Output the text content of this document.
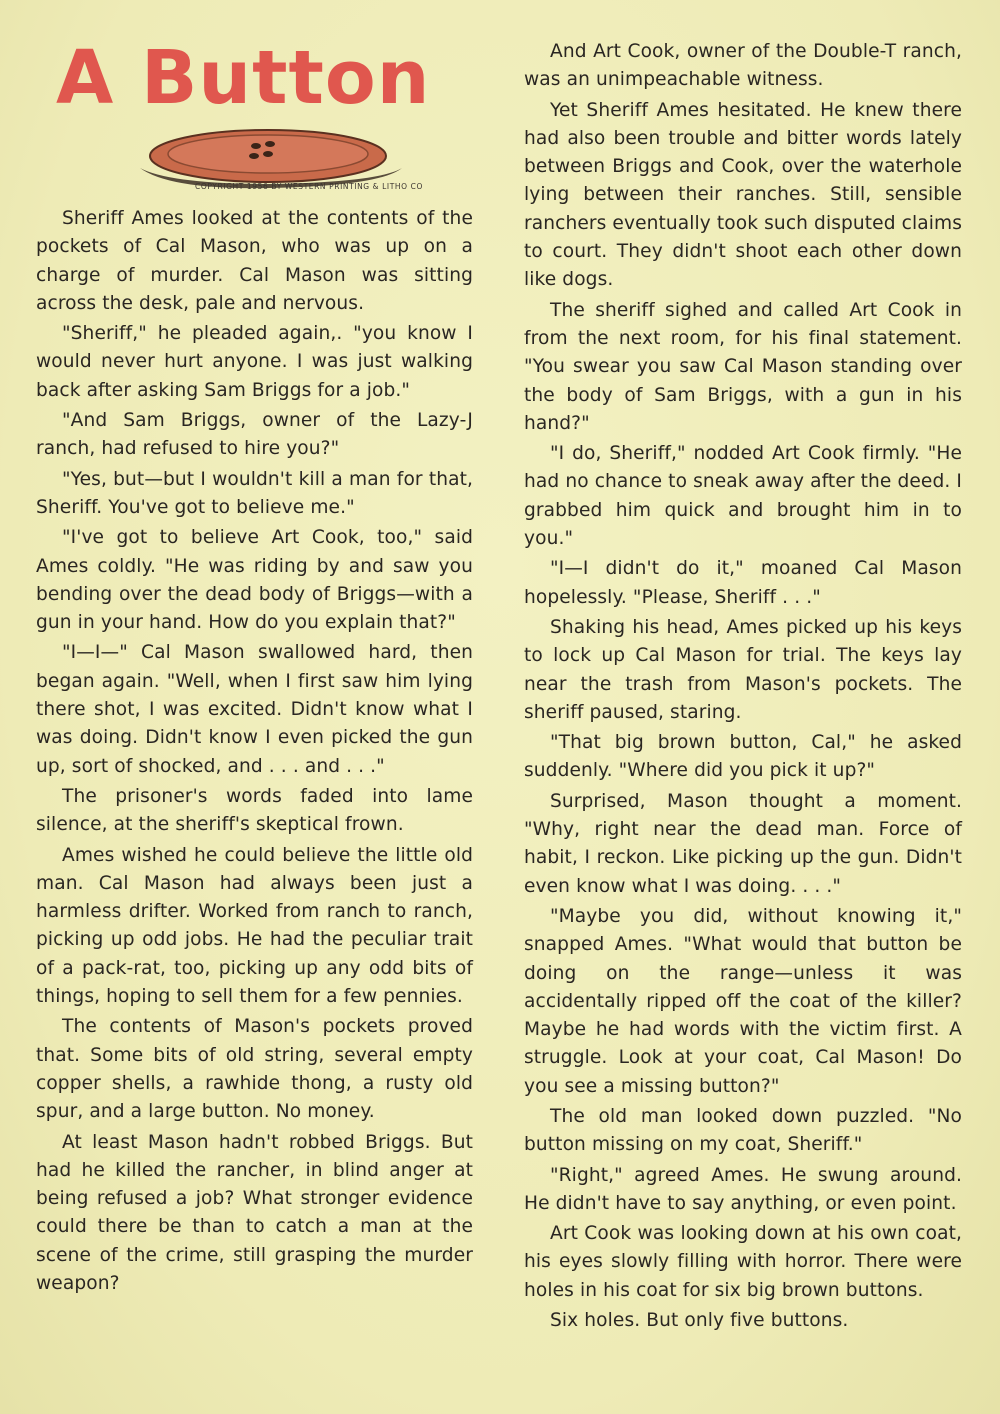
A Button
COPYRIGHT 1956 BY WESTERN PRINTING & LITHO CO

Sheriff Ames looked at the contents of the pockets of Cal Mason, who was up on a charge of murder. Cal Mason was sitting across the desk, pale and nervous.

"Sheriff," he pleaded again,. "you know I would never hurt anyone. I was just walking back after asking Sam Briggs for a job."

"And Sam Briggs, owner of the Lazy-J ranch, had refused to hire you?"

"Yes, but—but I wouldn't kill a man for that, Sheriff. You've got to believe me."

"I've got to believe Art Cook, too," said Ames coldly. "He was riding by and saw you bending over the dead body of Briggs—with a gun in your hand. How do you explain that?"

"I—I—" Cal Mason swallowed hard, then began again. "Well, when I first saw him lying there shot, I was excited. Didn't know what I was doing. Didn't know I even picked the gun up, sort of shocked, and . . . and . . ."

The prisoner's words faded into lame silence, at the sheriff's skeptical frown.

Ames wished he could believe the little old man. Cal Mason had always been just a harmless drifter. Worked from ranch to ranch, picking up odd jobs. He had the peculiar trait of a pack-rat, too, picking up any odd bits of things, hoping to sell them for a few pennies.

The contents of Mason's pockets proved that. Some bits of old string, several empty copper shells, a rawhide thong, a rusty old spur, and a large button. No money.

At least Mason hadn't robbed Briggs. But had he killed the rancher, in blind anger at being refused a job? What stronger evidence could there be than to catch a man at the scene of the crime, still grasping the murder weapon?

And Art Cook, owner of the Double-T ranch, was an unimpeachable witness.

Yet Sheriff Ames hesitated. He knew there had also been trouble and bitter words lately between Briggs and Cook, over the waterhole lying between their ranches. Still, sensible ranchers eventually took such disputed claims to court. They didn't shoot each other down like dogs.

The sheriff sighed and called Art Cook in from the next room, for his final statement. "You swear you saw Cal Mason standing over the body of Sam Briggs, with a gun in his hand?"

"I do, Sheriff," nodded Art Cook firmly. "He had no chance to sneak away after the deed. I grabbed him quick and brought him in to you."

"I—I didn't do it," moaned Cal Mason hopelessly. "Please, Sheriff . . ."

Shaking his head, Ames picked up his keys to lock up Cal Mason for trial. The keys lay near the trash from Mason's pockets. The sheriff paused, staring.

"That big brown button, Cal," he asked suddenly. "Where did you pick it up?"

Surprised, Mason thought a moment. "Why, right near the dead man. Force of habit, I reckon. Like picking up the gun. Didn't even know what I was doing. . . ."

"Maybe you did, without knowing it," snapped Ames. "What would that button be doing on the range—unless it was accidentally ripped off the coat of the killer? Maybe he had words with the victim first. A struggle. Look at your coat, Cal Mason! Do you see a missing button?"

The old man looked down puzzled. "No button missing on my coat, Sheriff."

"Right," agreed Ames. He swung around. He didn't have to say anything, or even point.

Art Cook was looking down at his own coat, his eyes slowly filling with horror. There were holes in his coat for six big brown buttons.

Six holes. But only five buttons.
